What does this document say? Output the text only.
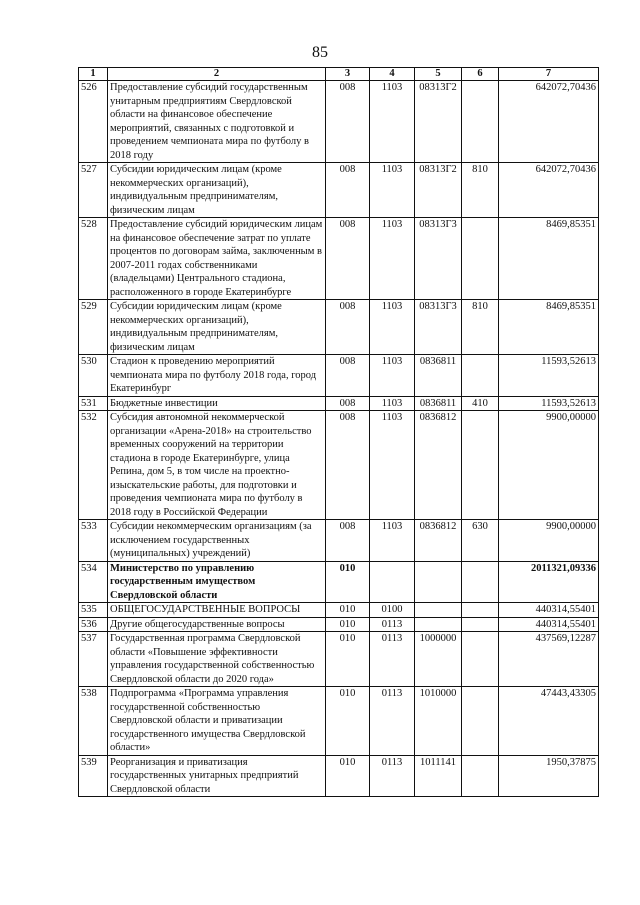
85
1	2	3	4	5	6	7
526	Предоставление субсидий государственным унитарным предприятиям Свердловской области на финансовое обеспечение мероприятий, связанных с подготовкой и проведением чемпионата мира по футболу в 2018 году	008	1103	08313Г2		642072,70436
527	Субсидии юридическим лицам (кроме некоммерческих организаций), индивидуальным предпринимателям, физическим лицам	008	1103	08313Г2	810	642072,70436
528	Предоставление субсидий юридическим лицам на финансовое обеспечение затрат по уплате процентов по договорам займа, заключенным в 2007-2011 годах собственниками (владельцами) Центрального стадиона, расположенного в городе Екатеринбурге	008	1103	08313Г3		8469,85351
529	Субсидии юридическим лицам (кроме некоммерческих организаций), индивидуальным предпринимателям, физическим лицам	008	1103	08313Г3	810	8469,85351
530	Стадион к проведению мероприятий чемпионата мира по футболу 2018 года, город Екатеринбург	008	1103	0836811		11593,52613
531	Бюджетные инвестиции	008	1103	0836811	410	11593,52613
532	Субсидия автономной некоммерческой организации «Арена-2018» на строительство временных сооружений на территории стадиона в городе Екатеринбурге, улица Репина, дом 5, в том числе на проектно-изыскательские работы, для подготовки и проведения чемпионата мира по футболу в 2018 году в Российской Федерации	008	1103	0836812		9900,00000
533	Субсидии некоммерческим организациям (за исключением государственных (муниципальных) учреждений)	008	1103	0836812	630	9900,00000
534	Министерство по управлению государственным имуществом Свердловской области	010				2011321,09336
535	ОБЩЕГОСУДАРСТВЕННЫЕ ВОПРОСЫ	010	0100			440314,55401
536	Другие общегосударственные вопросы	010	0113			440314,55401
537	Государственная программа Свердловской области «Повышение эффективности управления государственной собственностью Свердловской области до 2020 года»	010	0113	1000000		437569,12287
538	Подпрограмма «Программа управления государственной собственностью Свердловской области и приватизации государственного имущества Свердловской области»	010	0113	1010000		47443,43305
539	Реорганизация и приватизация государственных унитарных предприятий Свердловской области	010	0113	1011141		1950,37875
